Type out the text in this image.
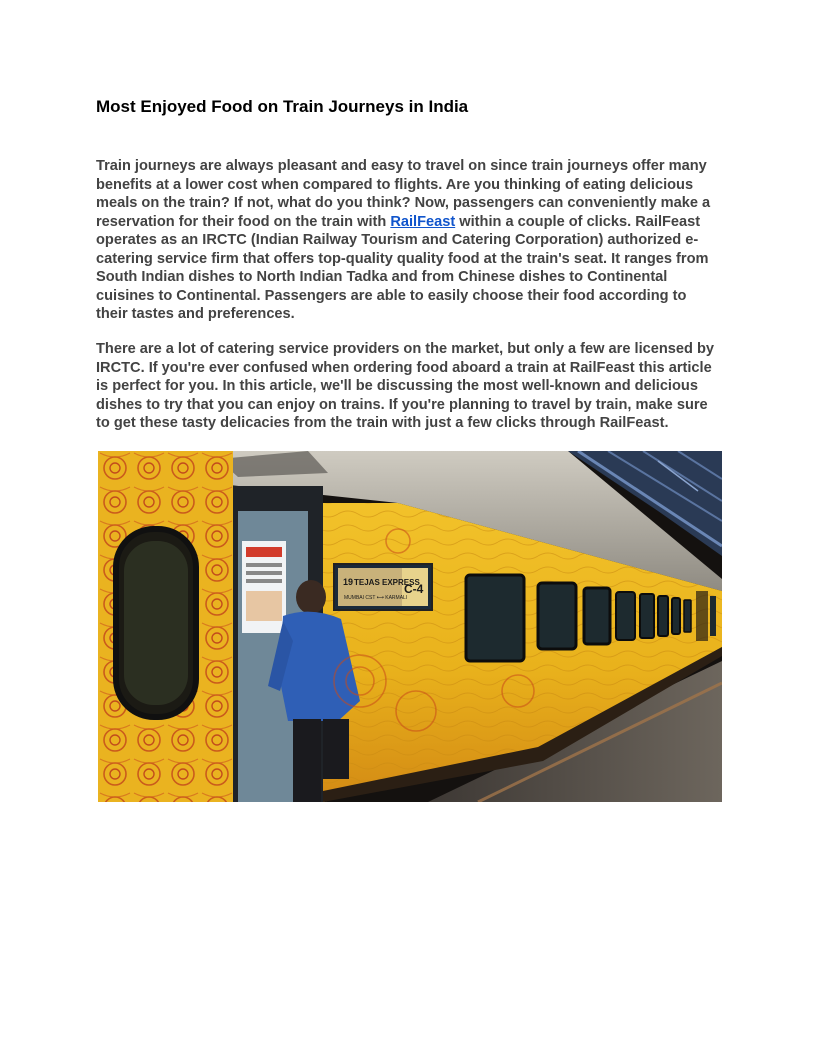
Most Enjoyed Food on Train Journeys in India

Train journeys are always pleasant and easy to travel on since train journeys offer many benefits at a lower cost when compared to flights. Are you thinking of eating delicious meals on the train? If not, what do you think? Now, passengers can conveniently make a reservation for their food on the train with RailFeast within a couple of clicks. RailFeast operates as an IRCTC (Indian Railway Tourism and Catering Corporation) authorized e-catering service firm that offers top-quality quality food at the train's seat. It ranges from South Indian dishes to North Indian Tadka and from Chinese dishes to Continental cuisines to Continental. Passengers are able to easily choose their food according to their tastes and preferences.

There are a lot of catering service providers on the market, but only a few are licensed by IRCTC. If you're ever confused when ordering food aboard a train at RailFeast this article is perfect for you. In this article, we'll be discussing the most well-known and delicious dishes to try that you can enjoy on trains. If you're planning to travel by train, make sure to get these tasty delicacies from the train with just a few clicks through RailFeast.

19 TEJAS EXPRESS
MUMBAI CST ⟷ KARMALI
C-4
